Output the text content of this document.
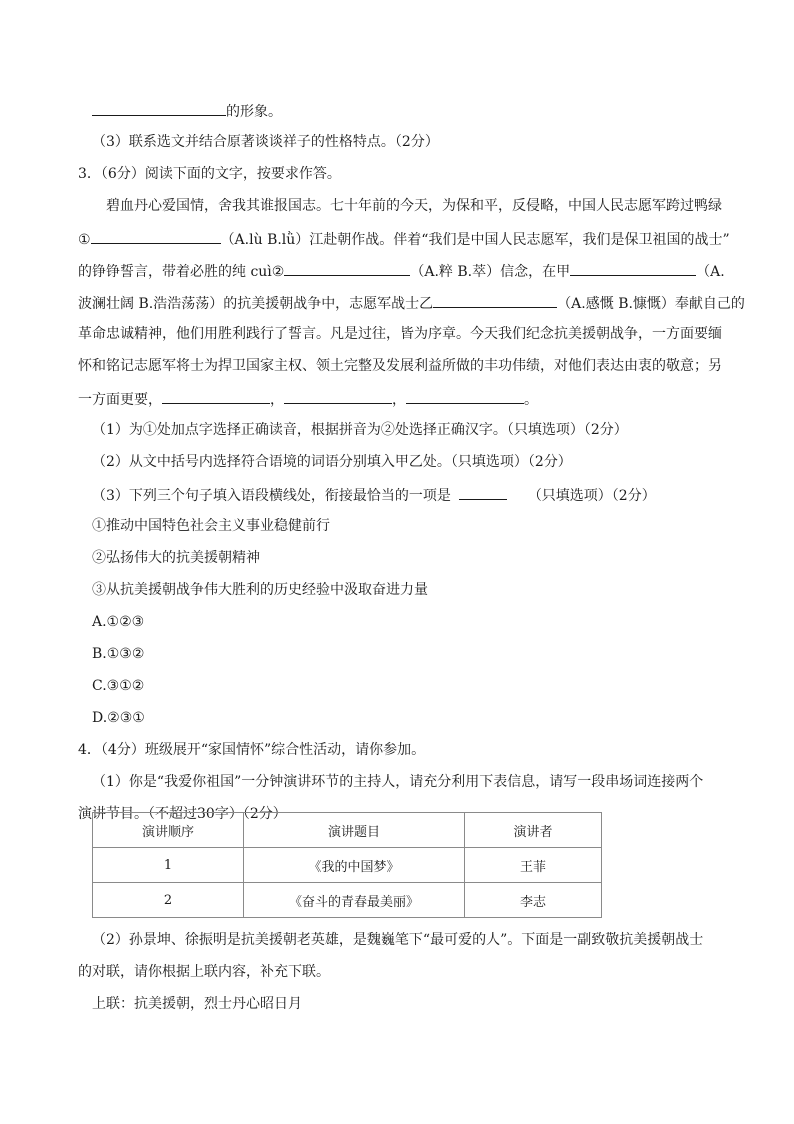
的形象。
（3）联系选文并结合原著谈谈祥子的性格特点。（2分）
3．（6分）阅读下面的文字，按要求作答。
碧血丹心爱国情，舍我其谁报国志。七十年前的今天，为保和平，反侵略，中国人民志愿军跨过鸭绿
①	（A.lù B.lǜ）江赴朝作战。伴着“我们是中国人民志愿军，我们是保卫祖国的战士”
的铮铮誓言，带着必胜的纯 cuì②	（A.粹 B.萃）信念，在甲	（A.
波澜壮阔 B.浩浩荡荡）的抗美援朝战争中，志愿军战士乙	（A.感慨 B.慷慨）奉献自己的
革命忠诚精神，他们用胜利践行了誓言。凡是过往，皆为序章。今天我们纪念抗美援朝战争，一方面要缅
怀和铭记志愿军将士为捍卫国家主权、领土完整及发展利益所做的丰功伟绩，对他们表达由衷的敬意；另
一方面更要，	，	，	。
（1）为①处加点字选择正确读音，根据拼音为②处选择正确汉字。（只填选项）（2分）
（2）从文中括号内选择符合语境的词语分别填入甲乙处。（只填选项）（2分）
（3）下列三个句子填入语段横线处，衔接最恰当的一项是	（只填选项）（2分）
①推动中国特色社会主义事业稳健前行
②弘扬伟大的抗美援朝精神
③从抗美援朝战争伟大胜利的历史经验中汲取奋进力量
A.①②③
B.①③②
C.③①②
D.②③①
4．（4分）班级展开“家国情怀”综合性活动，请你参加。
（1）你是“我爱你祖国”一分钟演讲环节的主持人，请充分利用下表信息，请写一段串场词连接两个
演讲节目。（不超过30字）（2分）
演讲顺序	演讲题目	演讲者
1	《我的中国梦》	王菲
2	《奋斗的青春最美丽》	李志
（2）孙景坤、徐振明是抗美援朝老英雄，是魏巍笔下“最可爱的人”。下面是一副致敬抗美援朝战士
的对联，请你根据上联内容，补充下联。
上联：抗美援朝，烈士丹心昭日月
